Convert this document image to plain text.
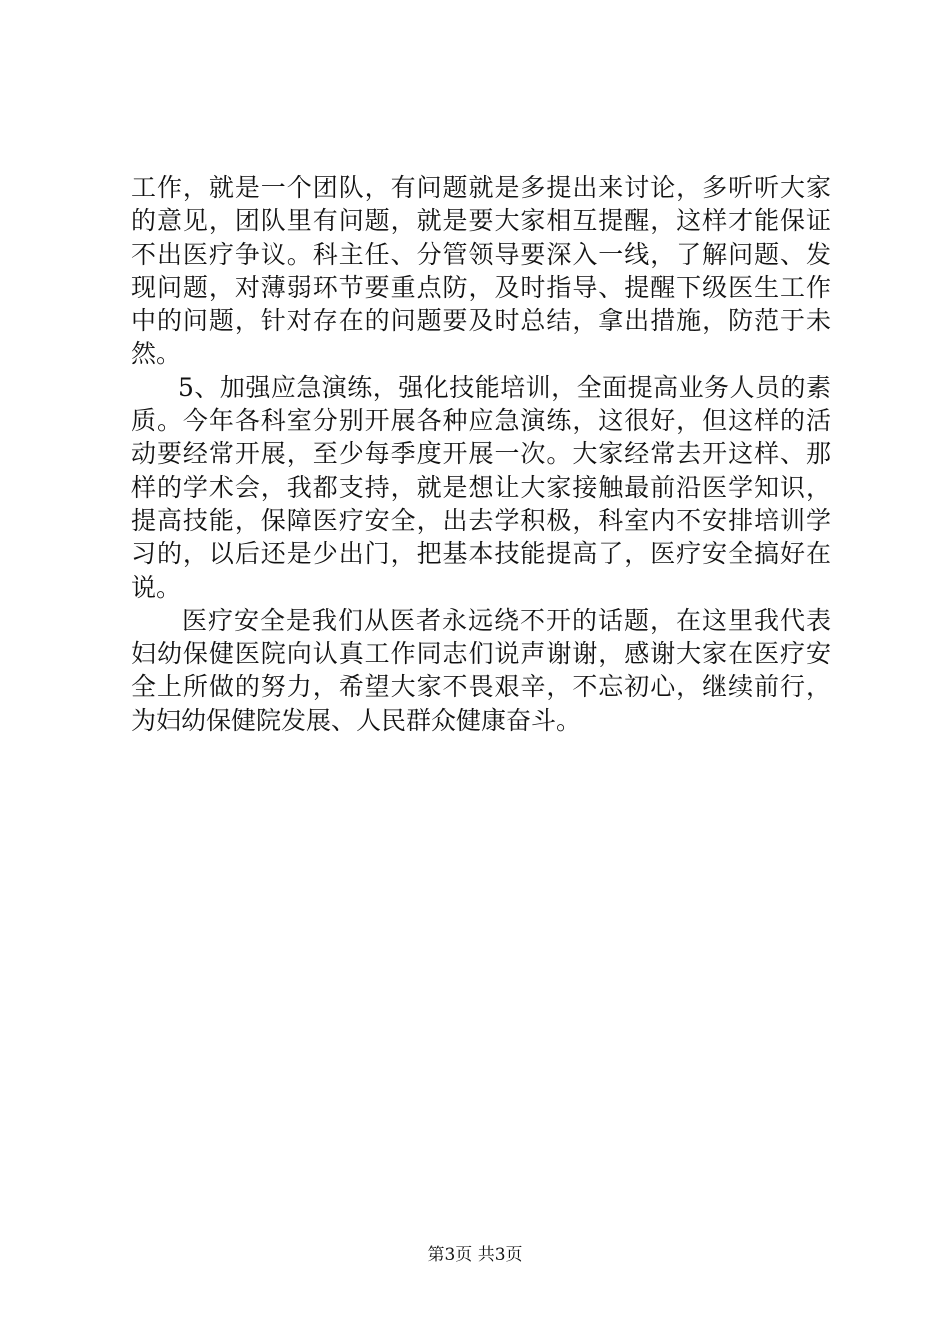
工作，就是一个团队，有问题就是多提出来讨论，多听听大家
的意见，团队里有问题，就是要大家相互提醒，这样才能保证
不出医疗争议。科主任、分管领导要深入一线，了解问题、发
现问题，对薄弱环节要重点防，及时指导、提醒下级医生工作
中的问题，针对存在的问题要及时总结，拿出措施，防范于未
然。
5、加强应急演练，强化技能培训，全面提高业务人员的素
质。今年各科室分别开展各种应急演练，这很好，但这样的活
动要经常开展，至少每季度开展一次。大家经常去开这样、那
样的学术会，我都支持，就是想让大家接触最前沿医学知识，
提高技能，保障医疗安全，出去学积极，科室内不安排培训学
习的，以后还是少出门，把基本技能提高了，医疗安全搞好在
说。
医疗安全是我们从医者永远绕不开的话题，在这里我代表
妇幼保健医院向认真工作同志们说声谢谢，感谢大家在医疗安
全上所做的努力，希望大家不畏艰辛，不忘初心，继续前行，
为妇幼保健院发展、人民群众健康奋斗。
第3页 共3页
